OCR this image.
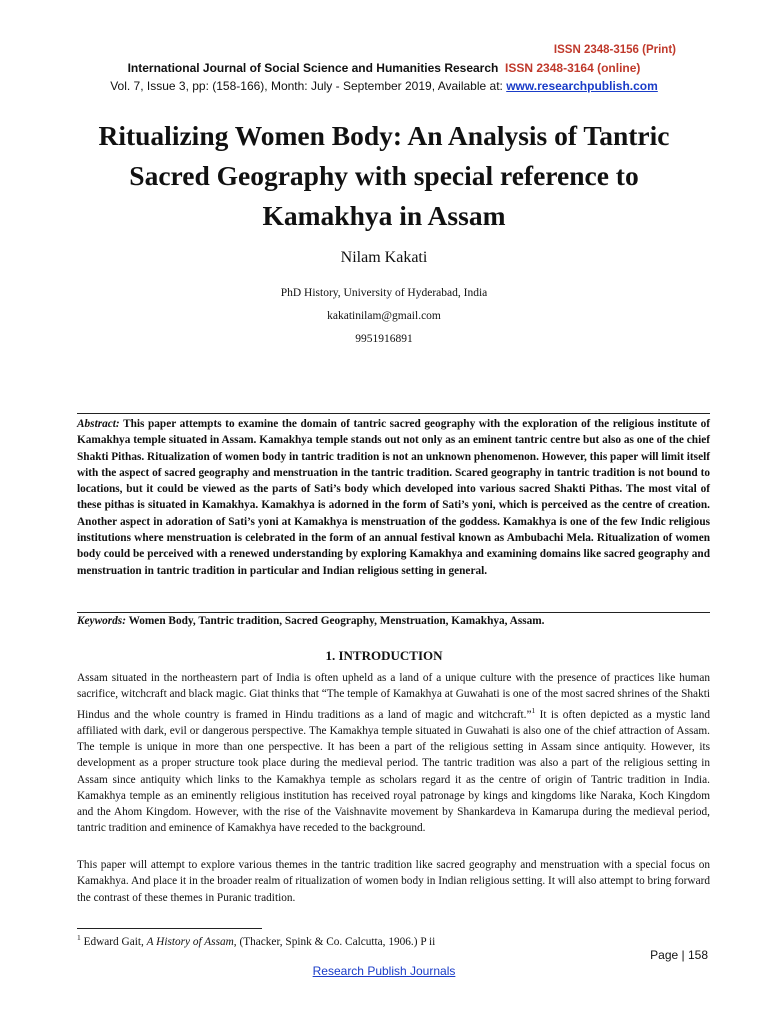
ISSN 2348-3156 (Print)
International Journal of Social Science and Humanities Research ISSN 2348-3164 (online)
Vol. 7, Issue 3, pp: (158-166), Month: July - September 2019, Available at: www.researchpublish.com
Ritualizing Women Body: An Analysis of Tantric Sacred Geography with special reference to Kamakhya in Assam
Nilam Kakati
PhD History, University of Hyderabad, India
kakatinilam@gmail.com
9951916891
Abstract: This paper attempts to examine the domain of tantric sacred geography with the exploration of the religious institute of Kamakhya temple situated in Assam. Kamakhya temple stands out not only as an eminent tantric centre but also as one of the chief Shakti Pithas. Ritualization of women body in tantric tradition is not an unknown phenomenon. However, this paper will limit itself with the aspect of sacred geography and menstruation in the tantric tradition. Scared geography in tantric tradition is not bound to locations, but it could be viewed as the parts of Sati’s body which developed into various sacred Shakti Pithas. The most vital of these pithas is situated in Kamakhya. Kamakhya is adorned in the form of Sati’s yoni, which is perceived as the centre of creation. Another aspect in adoration of Sati’s yoni at Kamakhya is menstruation of the goddess. Kamakhya is one of the few Indic religious institutions where menstruation is celebrated in the form of an annual festival known as Ambubachi Mela. Ritualization of women body could be perceived with a renewed understanding by exploring Kamakhya and examining domains like sacred geography and menstruation in tantric tradition in particular and Indian religious setting in general.
Keywords: Women Body, Tantric tradition, Sacred Geography, Menstruation, Kamakhya, Assam.
1. INTRODUCTION
Assam situated in the northeastern part of India is often upheld as a land of a unique culture with the presence of practices like human sacrifice, witchcraft and black magic. Giat thinks that “The temple of Kamakhya at Guwahati is one of the most sacred shrines of the Shakti Hindus and the whole country is framed in Hindu traditions as a land of magic and witchcraft.”$^1$ It is often depicted as a mystic land affiliated with dark, evil or dangerous perspective. The Kamakhya temple situated in Guwahati is also one of the chief attraction of Assam. The temple is unique in more than one perspective. It has been a part of the religious setting in Assam since antiquity. However, its development as a proper structure took place during the medieval period. The tantric tradition was also a part of the religious setting in Assam since antiquity which links to the Kamakhya temple as scholars regard it as the centre of origin of Tantric tradition in India. Kamakhya temple as an eminently religious institution has received royal patronage by kings and kingdoms like Naraka, Koch Kingdom and the Ahom Kingdom. However, with the rise of the Vaishnavite movement by Shankardeva in Kamarupa during the medieval period, tantric tradition and eminence of Kamakhya have receded to the background.
This paper will attempt to explore various themes in the tantric tradition like sacred geography and menstruation with a special focus on Kamakhya. And place it in the broader realm of ritualization of women body in Indian religious setting. It will also attempt to bring forward the contrast of these themes in Puranic tradition.
$^1$ Edward Gait, A History of Assam, (Thacker, Spink & Co. Calcutta, 1906.) P ii
Page | 158
Research Publish Journals
